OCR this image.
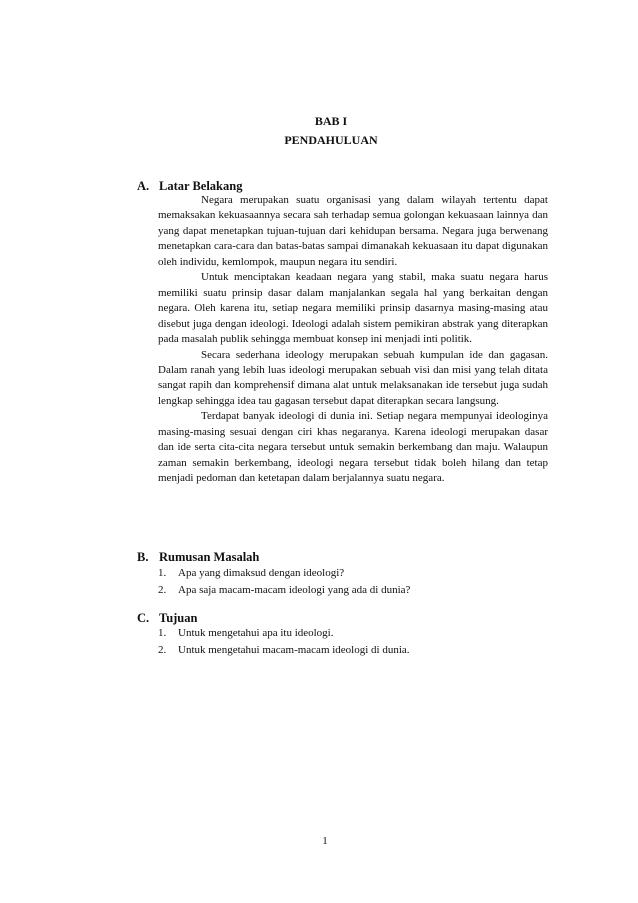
BAB I
PENDAHULUAN
A. Latar Belakang

Negara merupakan suatu organisasi yang dalam wilayah tertentu dapat memaksakan kekuasaannya secara sah terhadap semua golongan kekuasaan lainnya dan yang dapat menetapkan tujuan-tujuan dari kehidupan bersama. Negara juga berwenang menetapkan cara-cara dan batas-batas sampai dimanakah kekuasaan itu dapat digunakan oleh individu, kemlompok, maupun negara itu sendiri.

Untuk menciptakan keadaan negara yang stabil, maka suatu negara harus memiliki suatu prinsip dasar dalam manjalankan segala hal yang berkaitan dengan negara. Oleh karena itu, setiap negara memiliki prinsip dasarnya masing-masing atau disebut juga dengan ideologi. Ideologi adalah sistem pemikiran abstrak yang diterapkan pada masalah publik sehingga membuat konsep ini menjadi inti politik.

Secara sederhana ideology merupakan sebuah kumpulan ide dan gagasan. Dalam ranah yang lebih luas ideologi merupakan sebuah visi dan misi yang telah ditata sangat rapih dan komprehensif dimana alat untuk melaksanakan ide tersebut juga sudah lengkap sehingga idea tau gagasan tersebut dapat diterapkan secara langsung.

Terdapat banyak ideologi di dunia ini. Setiap negara mempunyai ideologinya masing-masing sesuai dengan ciri khas negaranya. Karena ideologi merupakan dasar dan ide serta cita-cita negara tersebut untuk semakin berkembang dan maju. Walaupun zaman semakin berkembang, ideologi negara tersebut tidak boleh hilang dan tetap menjadi pedoman dan ketetapan dalam berjalannya suatu negara.

B. Rumusan Masalah
1. Apa yang dimaksud dengan ideologi?
2. Apa saja macam-macam ideologi yang ada di dunia?
C. Tujuan
1. Untuk mengetahui apa itu ideologi.
2. Untuk mengetahui macam-macam ideologi di dunia.
1
